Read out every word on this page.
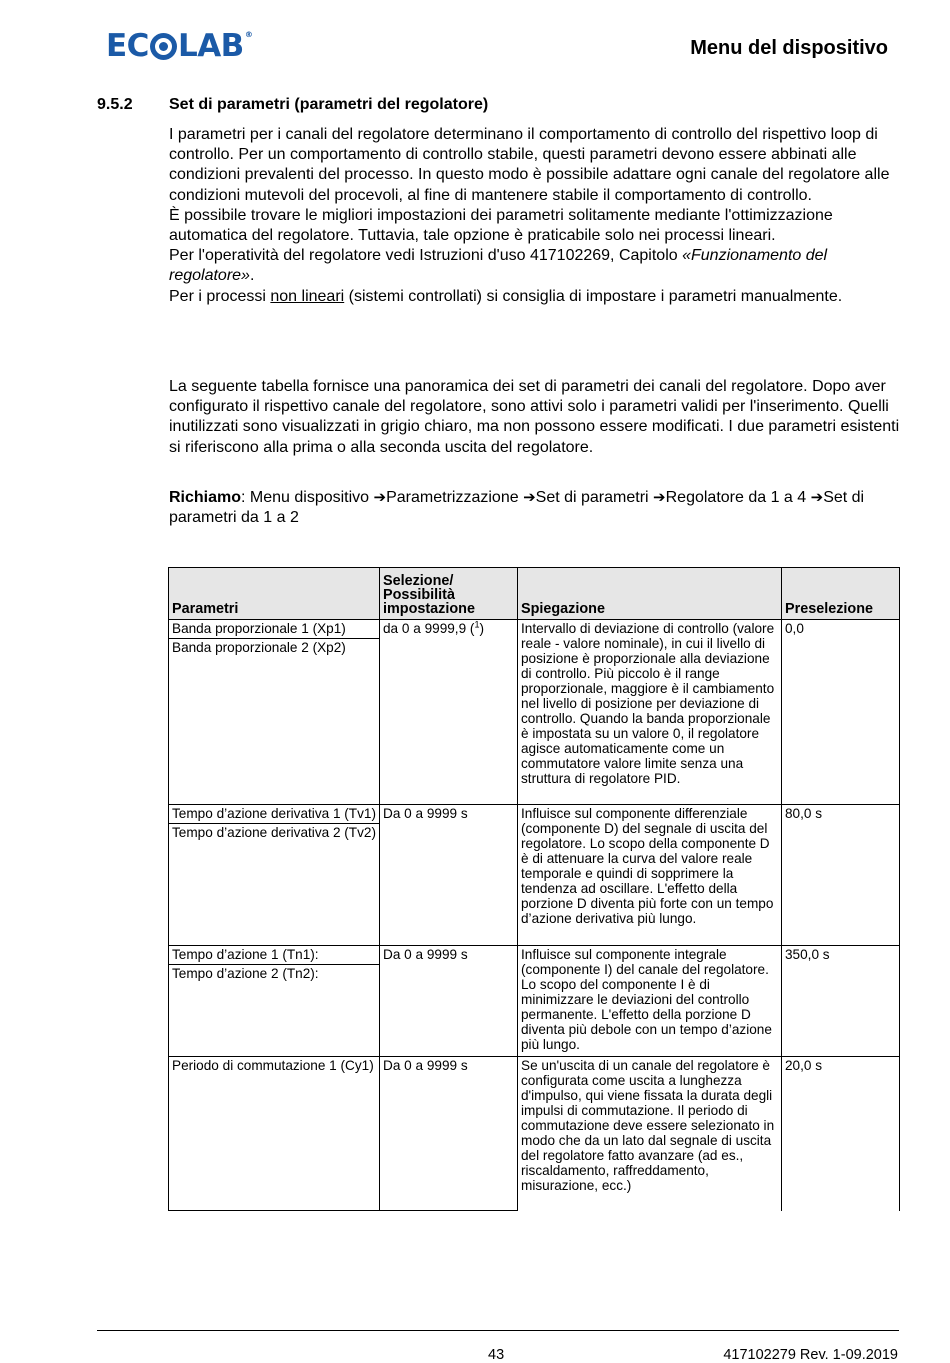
EC LAB ®
Menu del dispositivo
9.5.2 Set di parametri (parametri del regolatore)

I parametri per i canali del regolatore determinano il comportamento di controllo del rispettivo loop di controllo. Per un comportamento di controllo stabile, questi parametri devono essere abbinati alle condizioni prevalenti del processo. In questo modo è possibile adattare ogni canale del regolatore alle condizioni mutevoli del procevoli, al fine di mantenere stabile il comportamento di controllo.

È possibile trovare le migliori impostazioni dei parametri solitamente mediante l'ottimizzazione automatica del regolatore. Tuttavia, tale opzione è praticabile solo nei processi lineari.

Per l'operatività del regolatore vedi Istruzioni d'uso 417102269, Capitolo «Funzionamento del regolatore».

Per i processi non lineari (sistemi controllati) si consiglia di impostare i parametri manualmente.

La seguente tabella fornisce una panoramica dei set di parametri dei canali del regolatore. Dopo aver configurato il rispettivo canale del regolatore, sono attivi solo i parametri validi per l'inserimento. Quelli inutilizzati sono visualizzati in grigio chiaro, ma non possono essere modificati. I due parametri esistenti si riferiscono alla prima o alla seconda uscita del regolatore.

Richiamo: Menu dispositivo ➔Parametrizzazione ➔Set di parametri ➔Regolatore da 1 a 4 ➔Set di parametri da 1 a 2

Parametri	Selezione/ Possibilità impostazione	Spiegazione	Preselezione

Banda proporzionale 1 (Xp1)
Banda proporzionale 2 (Xp2)	da 0 a 9999,9 ($^1$)	Intervallo di deviazione di controllo (valore reale - valore nominale), in cui il livello di posizione è proporzionale alla deviazione di controllo. Più piccolo è il range proporzionale, maggiore è il cambiamento nel livello di posizione per deviazione di controllo. Quando la banda proporzionale è impostata su un valore 0, il regolatore agisce automaticamente come un commutatore valore limite senza una struttura di regolatore PID.	0,0

Tempo d’azione derivativa 1 (Tv1)
Tempo d’azione derivativa 2 (Tv2)	Da 0 a 9999 s	Influisce sul componente differenziale (componente D) del segnale di uscita del regolatore. Lo scopo della componente D è di attenuare la curva del valore reale temporale e quindi di sopprimere la tendenza ad oscillare. L'effetto della porzione D diventa più forte con un tempo d’azione derivativa più lungo.	80,0 s

Tempo d’azione 1 (Tn1):
Tempo d’azione 2 (Tn2):	Da 0 a 9999 s	Influisce sul componente integrale (componente I) del canale del regolatore. Lo scopo del componente I è di minimizzare le deviazioni del controllo permanente. L'effetto della porzione D diventa più debole con un tempo d’azione più lungo.	350,0 s

Periodo di commutazione 1 (Cy1)	Da 0 a 9999 s	Se un'uscita di un canale del regolatore è configurata come uscita a lunghezza d'impulso, qui viene fissata la durata degli impulsi di commutazione. Il periodo di commutazione deve essere selezionato in modo che da un lato dal segnale di uscita del regolatore fatto avanzare (ad es., riscaldamento, raffreddamento, misurazione, ecc.)	20,0 s
43	417102279 Rev. 1-09.2019
